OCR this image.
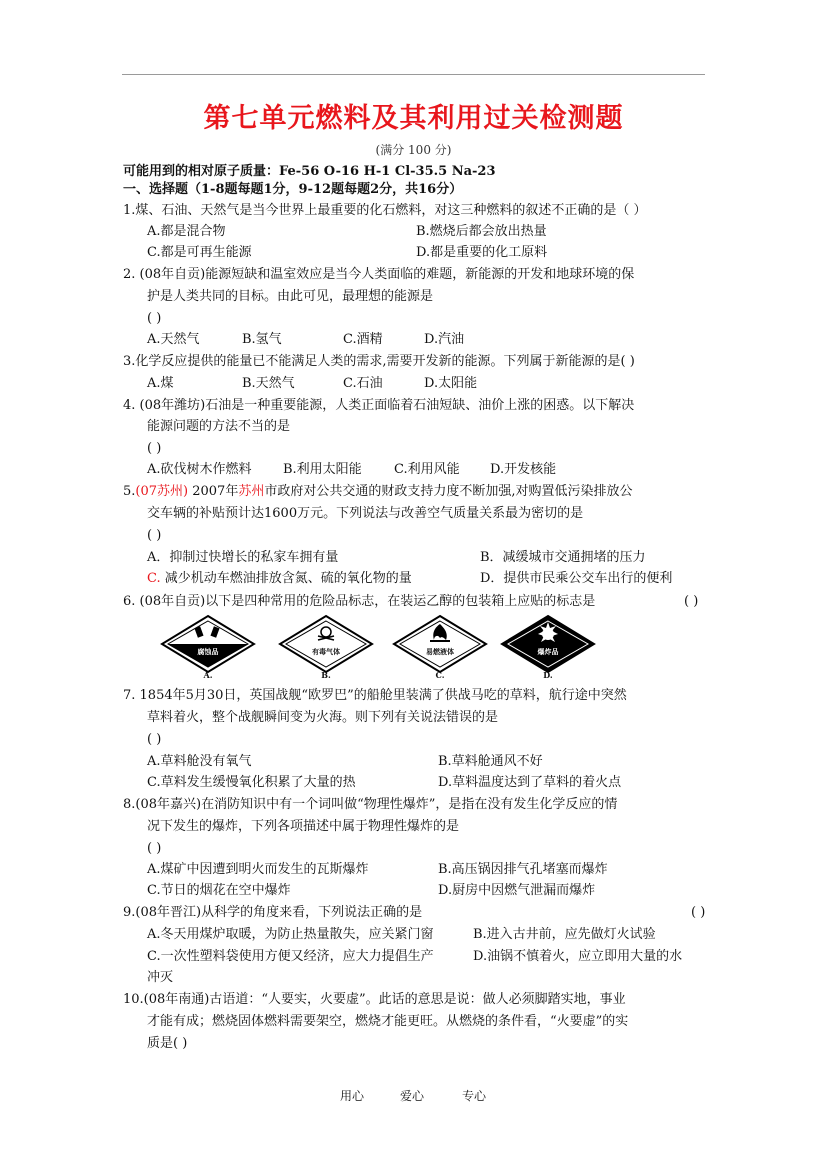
第七单元燃料及其利用过关检测题
(满分 100 分)
可能用到的相对原子质量：Fe-56 O-16 H-1 Cl-35.5 Na-23
一、选择题（1-8题每题1分，9-12题每题2分，共16分）
1.煤、石油、天然气是当今世界上最重要的化石燃料，对这三种燃料的叙述不正确的是（ ）
A.都是混合物	B.燃烧后都会放出热量
C.都是可再生能源	D.都是重要的化工原料
2. (08年自贡)能源短缺和温室效应是当今人类面临的难题，新能源的开发和地球环境的保
护是人类共同的目标。由此可见，最理想的能源是
( )
A.天然气	B.氢气	C.酒精	D.汽油
3.化学反应提供的能量已不能满足人类的需求,需要开发新的能源。下列属于新能源的是( )
A.煤	B.天然气	C.石油	D.太阳能
4. (08年潍坊)石油是一种重要能源，人类正面临着石油短缺、油价上涨的困惑。以下解决
能源问题的方法不当的是
( )
A.砍伐树木作燃料 B.利用太阳能 C.利用风能 D.开发核能
5.(07苏州) 2007年苏州市政府对公共交通的财政支持力度不断加强,对购置低污染排放公
交车辆的补贴预计达1600万元。下列说法与改善空气质量关系最为密切的是
( )
A．抑制过快增长的私家车拥有量	B．减缓城市交通拥堵的压力
C. 减少机动车燃油排放含氮、硫的氧化物的量	D．提供市民乘公交车出行的便利
6. (08年自贡)以下是四种常用的危险品标志，在装运乙醇的包装箱上应贴的标志是	( )
腐蚀品
A.
有毒气体
B.
易燃液体
C.
爆炸品
D.
7. 1854年5月30日，英国战舰“欧罗巴”的船舱里装满了供战马吃的草料，航行途中突然
草料着火，整个战舰瞬间变为火海。则下列有关说法错误的是
( )
A.草料舱没有氧气	B.草料舱通风不好
C.草料发生缓慢氧化积累了大量的热	D.草料温度达到了草料的着火点
8.(08年嘉兴)在消防知识中有一个词叫做“物理性爆炸”，是指在没有发生化学反应的情
况下发生的爆炸，下列各项描述中属于物理性爆炸的是
( )
A.煤矿中因遭到明火而发生的瓦斯爆炸	B.高压锅因排气孔堵塞而爆炸
C.节日的烟花在空中爆炸	D.厨房中因燃气泄漏而爆炸
9.(08年晋江)从科学的角度来看，下列说法正确的是	( )
A.冬天用煤炉取暖，为防止热量散失，应关紧门窗	B.进入古井前，应先做灯火试验
C.一次性塑料袋使用方便又经济，应大力提倡生产	D.油锅不慎着火，应立即用大量的水
冲灭
10.(08年南通)古语道：“人要实，火要虚”。此话的意思是说：做人必须脚踏实地，事业
才能有成；燃烧固体燃料需要架空，燃烧才能更旺。从燃烧的条件看，“火要虚”的实
质是( )
用心	爱心	专心
